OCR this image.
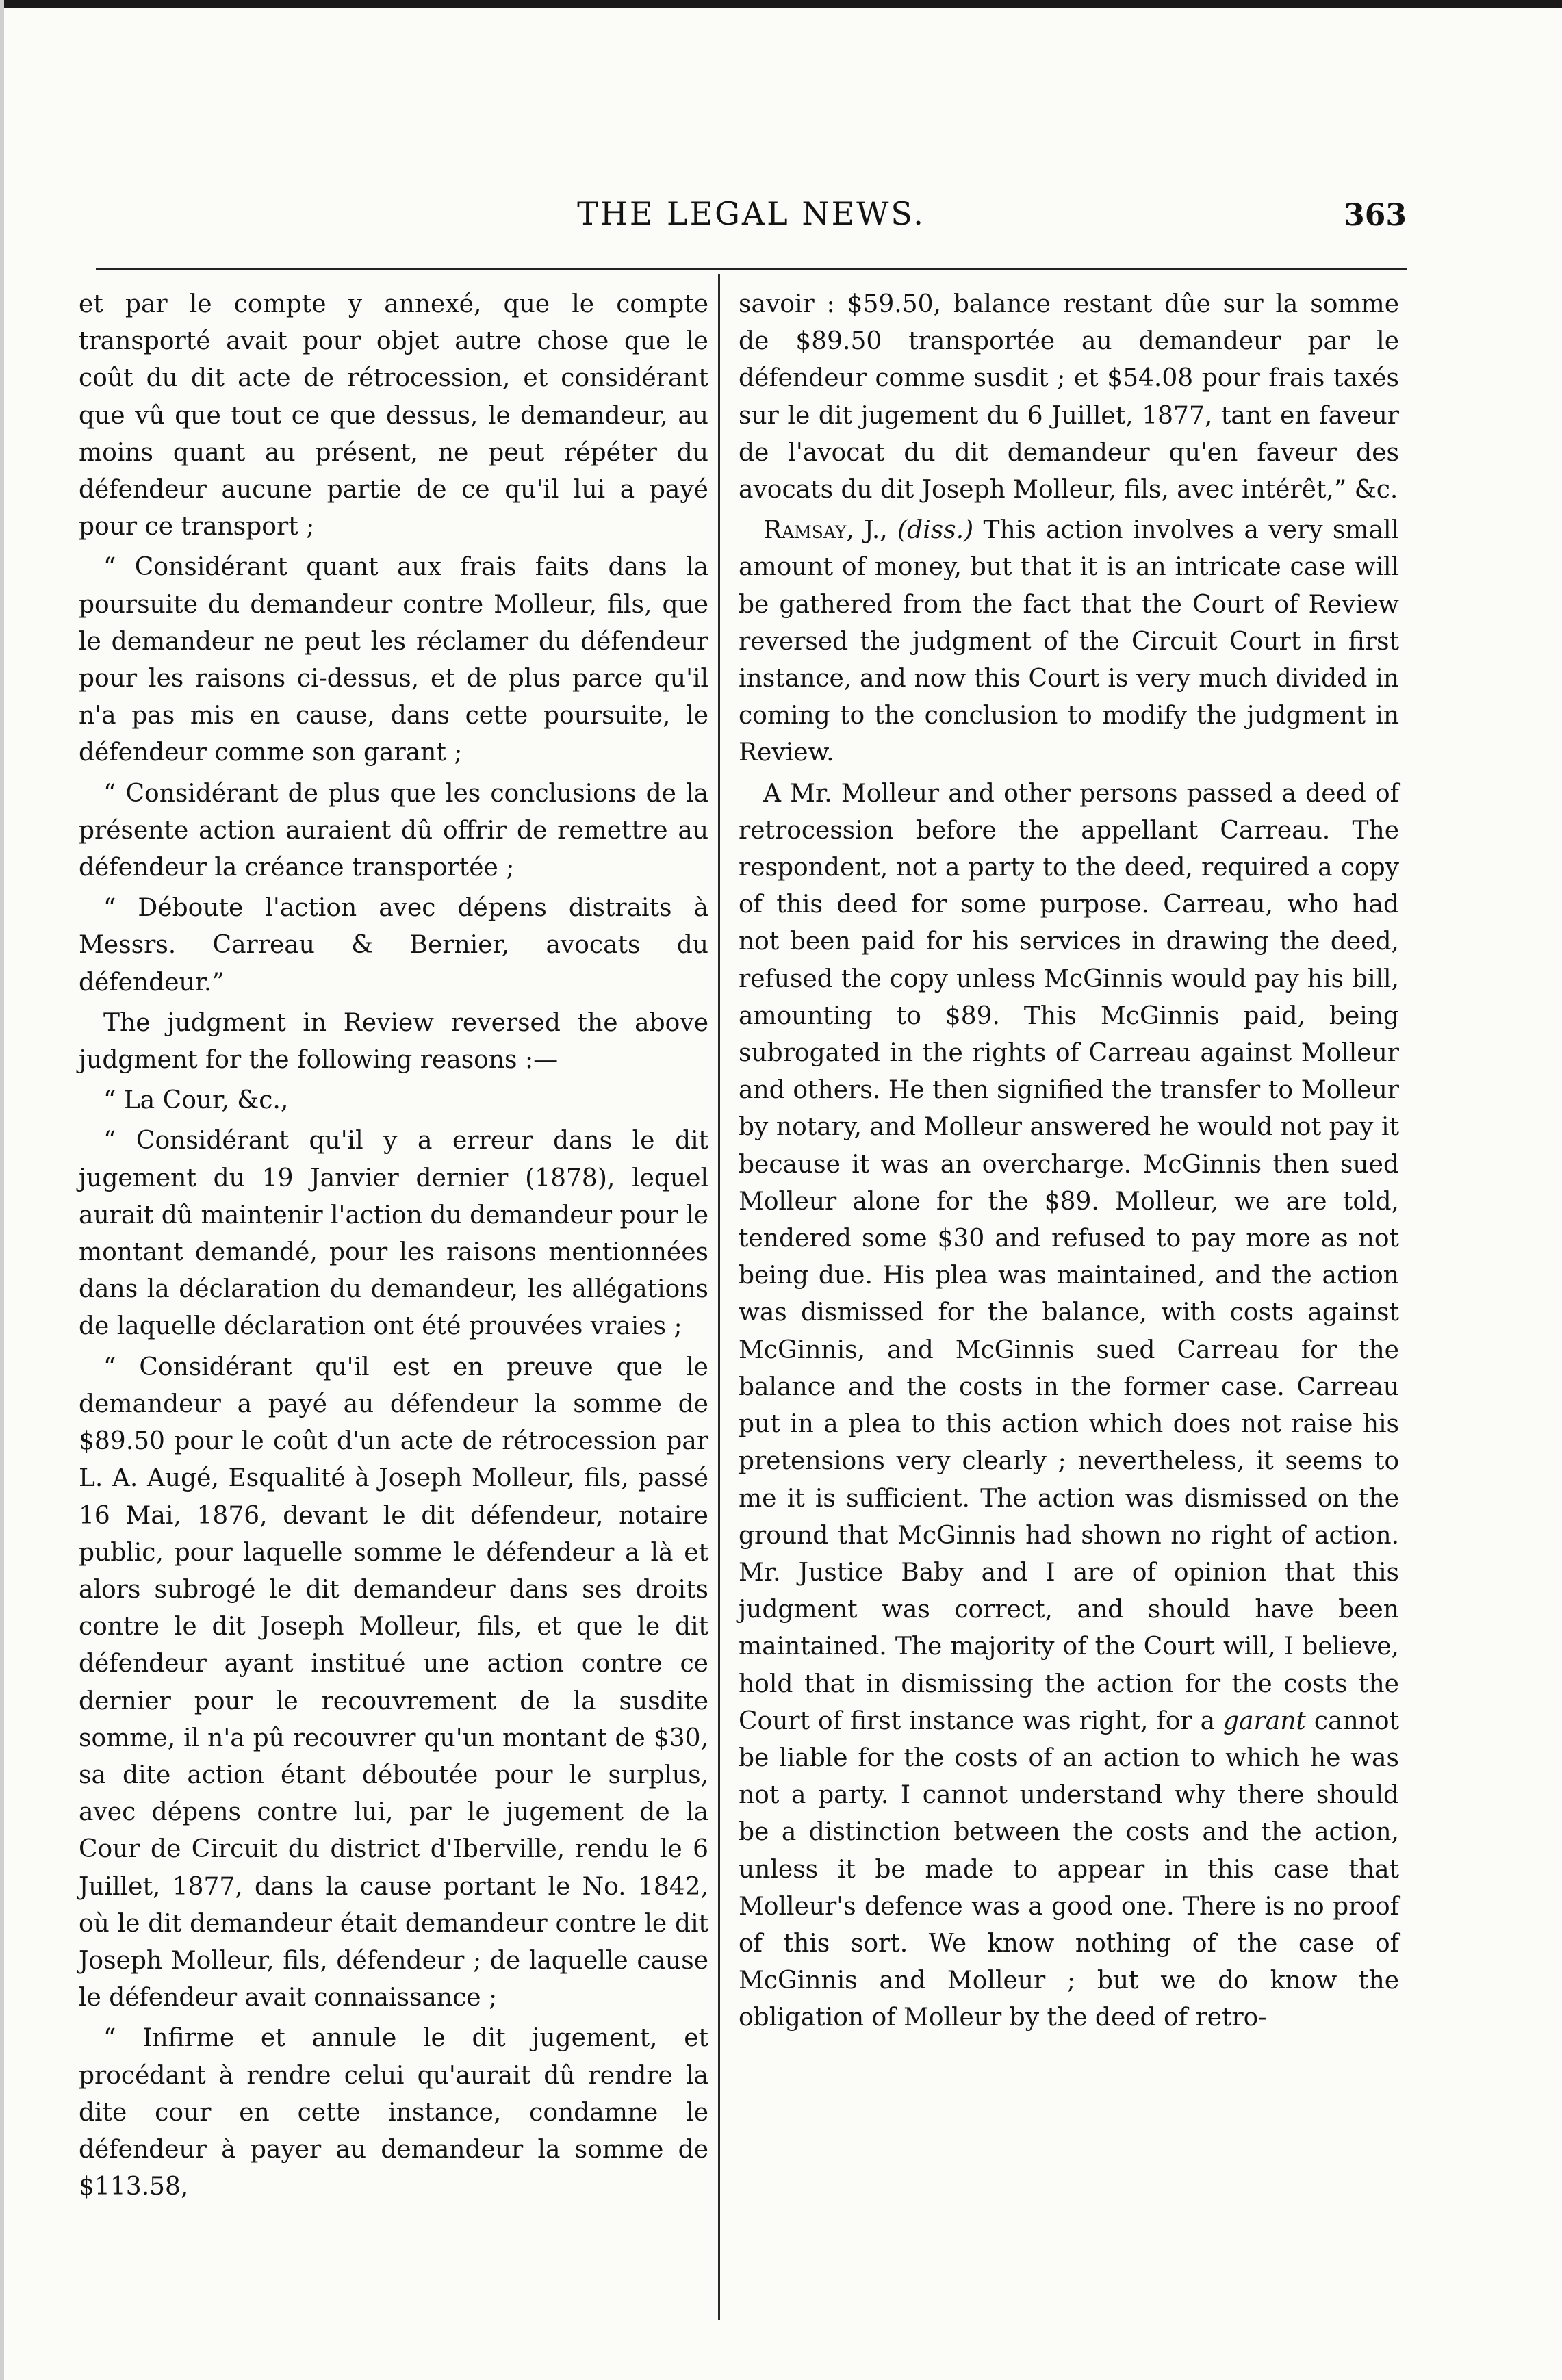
THE LEGAL NEWS.	363

et par le compte y annexé, que le compte transporté avait pour objet autre chose que le coût du dit acte de rétrocession, et considérant que vû que tout ce que dessus, le demandeur, au moins quant au présent, ne peut répéter du défendeur aucune partie de ce qu'il lui a payé pour ce transport ;

“ Considérant quant aux frais faits dans la poursuite du demandeur contre Molleur, fils, que le demandeur ne peut les réclamer du défendeur pour les raisons ci-dessus, et de plus parce qu'il n'a pas mis en cause, dans cette poursuite, le défendeur comme son garant ;

“ Considérant de plus que les conclusions de la présente action auraient dû offrir de remettre au défendeur la créance transportée ;

“ Déboute l'action avec dépens distraits à Messrs. Carreau & Bernier, avocats du défendeur.”

The judgment in Review reversed the above judgment for the following reasons :—

“ La Cour, &c.,

“ Considérant qu'il y a erreur dans le dit jugement du 19 Janvier dernier (1878), lequel aurait dû maintenir l'action du demandeur pour le montant demandé, pour les raisons mentionnées dans la déclaration du demandeur, les allégations de laquelle déclaration ont été prouvées vraies ;

“ Considérant qu'il est en preuve que le demandeur a payé au défendeur la somme de $89.50 pour le coût d'un acte de rétrocession par L. A. Augé, Esqualité à Joseph Molleur, fils, passé 16 Mai, 1876, devant le dit défendeur, notaire public, pour laquelle somme le défendeur a là et alors subrogé le dit demandeur dans ses droits contre le dit Joseph Molleur, fils, et que le dit défendeur ayant institué une action contre ce dernier pour le recouvrement de la susdite somme, il n'a pû recouvrer qu'un montant de $30, sa dite action étant déboutée pour le surplus, avec dépens contre lui, par le jugement de la Cour de Circuit du district d'Iberville, rendu le 6 Juillet, 1877, dans la cause portant le No. 1842, où le dit demandeur était demandeur contre le dit Joseph Molleur, fils, défendeur ; de laquelle cause le défendeur avait connaissance ;

“ Infirme et annule le dit jugement, et procédant à rendre celui qu'aurait dû rendre la dite cour en cette instance, condamne le défendeur à payer au demandeur la somme de $113.58,

savoir : $59.50, balance restant dûe sur la somme de $89.50 transportée au demandeur par le défendeur comme susdit ; et $54.08 pour frais taxés sur le dit jugement du 6 Juillet, 1877, tant en faveur de l'avocat du dit demandeur qu'en faveur des avocats du dit Joseph Molleur, fils, avec intérêt,” &c.

Ramsay, J., (diss.) This action involves a very small amount of money, but that it is an intricate case will be gathered from the fact that the Court of Review reversed the judgment of the Circuit Court in first instance, and now this Court is very much divided in coming to the conclusion to modify the judgment in Review.

A Mr. Molleur and other persons passed a deed of retrocession before the appellant Carreau. The respondent, not a party to the deed, required a copy of this deed for some purpose. Carreau, who had not been paid for his services in drawing the deed, refused the copy unless McGinnis would pay his bill, amounting to $89. This McGinnis paid, being subrogated in the rights of Carreau against Molleur and others. He then signified the transfer to Molleur by notary, and Molleur answered he would not pay it because it was an overcharge. McGinnis then sued Molleur alone for the $89. Molleur, we are told, tendered some $30 and refused to pay more as not being due. His plea was maintained, and the action was dismissed for the balance, with costs against McGinnis, and McGinnis sued Carreau for the balance and the costs in the former case. Carreau put in a plea to this action which does not raise his pretensions very clearly ; nevertheless, it seems to me it is sufficient. The action was dismissed on the ground that McGinnis had shown no right of action. Mr. Justice Baby and I are of opinion that this judgment was correct, and should have been maintained. The majority of the Court will, I believe, hold that in dismissing the action for the costs the Court of first instance was right, for a garant cannot be liable for the costs of an action to which he was not a party. I cannot understand why there should be a distinction between the costs and the action, unless it be made to appear in this case that Molleur's defence was a good one. There is no proof of this sort. We know nothing of the case of McGinnis and Molleur ; but we do know the obligation of Molleur by the deed of retro-
